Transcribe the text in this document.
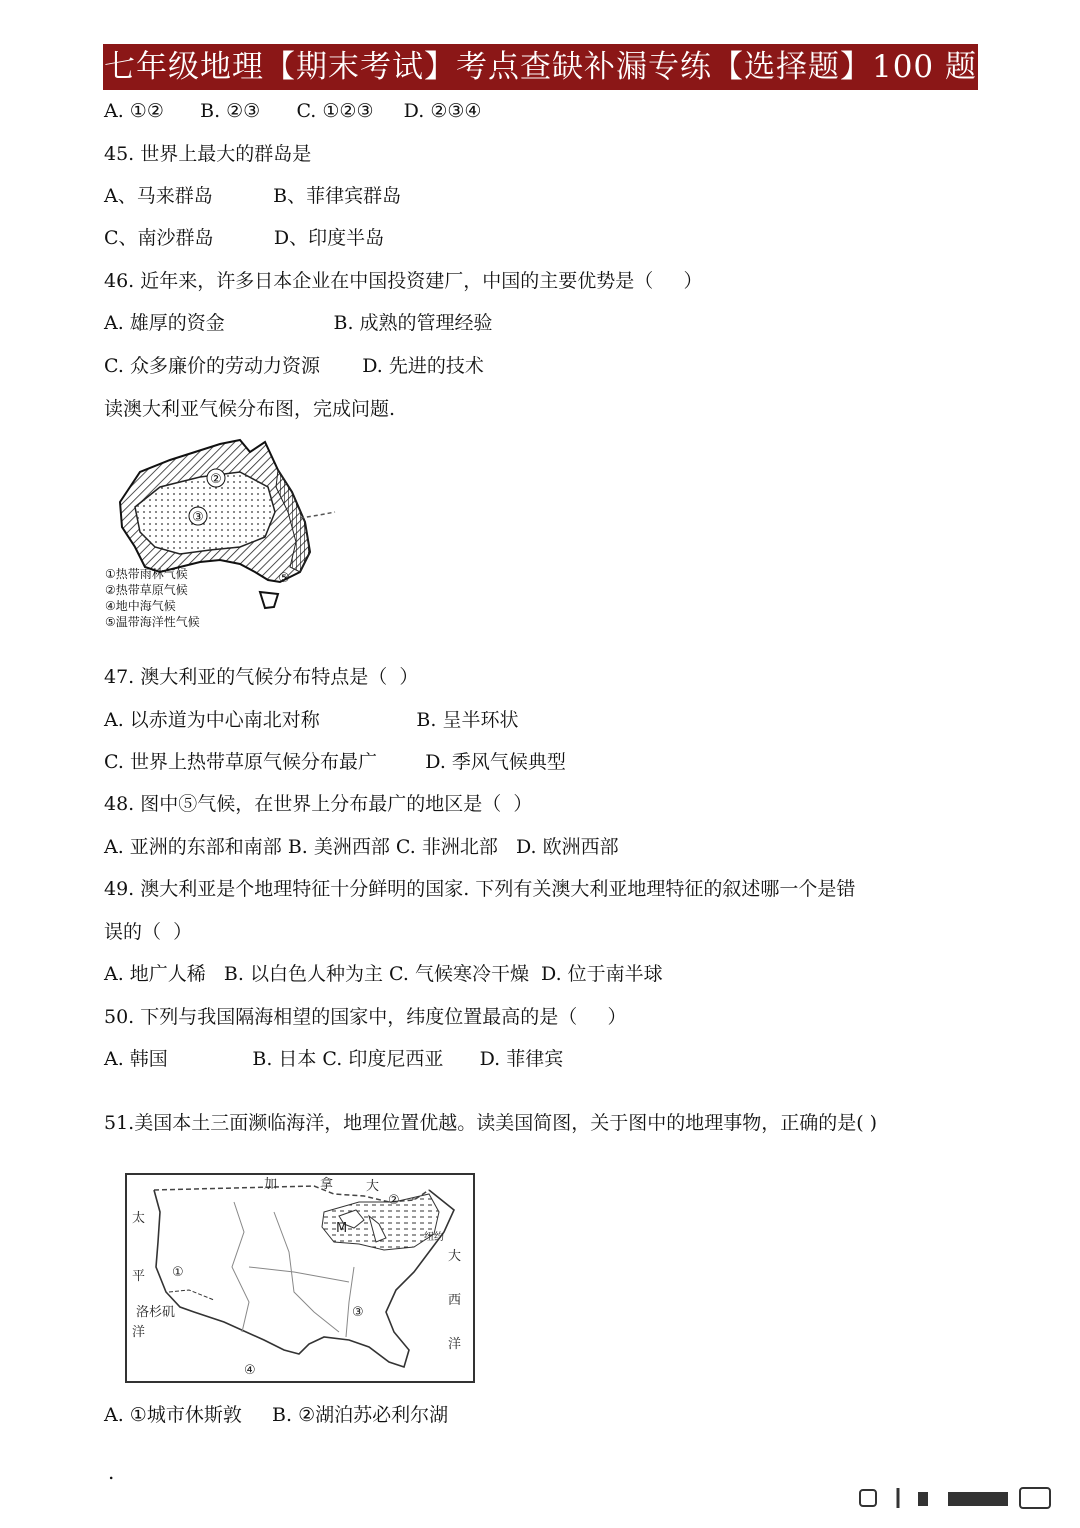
七年级地理【期末考试】考点查缺补漏专练【选择题】100 题
A. ①②      B. ②③      C. ①②③     D. ②③④
45. 世界上最大的群岛是
A、马来群岛          B、菲律宾群岛
C、南沙群岛          D、印度半岛
46. 近年来，许多日本企业在中国投资建厂，中国的主要优势是（     ）
A. 雄厚的资金                  B. 成熟的管理经验
C. 众多廉价的劳动力资源       D. 先进的技术
读澳大利亚气候分布图，完成问题.
②
③
⑤
①热带雨林气候
②热带草原气候
④地中海气候
⑤温带海洋性气候
47. 澳大利亚的气候分布特点是（  ）
A. 以赤道为中心南北对称                B. 呈半环状
C. 世界上热带草原气候分布最广        D. 季风气候典型
48. 图中⑤气候，在世界上分布最广的地区是（  ）
A. 亚洲的东部和南部 B. 美洲西部 C. 非洲北部   D. 欧洲西部
49. 澳大利亚是个地理特征十分鲜明的国家. 下列有关澳大利亚地理特征的叙述哪一个是错
误的（  ）
A. 地广人稀   B. 以白色人种为主 C. 气候寒冷干燥  D. 位于南半球
50. 下列与我国隔海相望的国家中，纬度位置最高的是（     ）
A. 韩国              B. 日本 C. 印度尼西亚      D. 菲律宾
51.美国本土三面濒临海洋，地理位置优越。读美国简图，关于图中的地理事物，正确的是( )
加	拿	大
太
平
洋
洛杉矶
纽约
大
西
洋
M
①
②
③
④
A. ①城市休斯敦     B. ②湖泊苏必利尔湖
.
